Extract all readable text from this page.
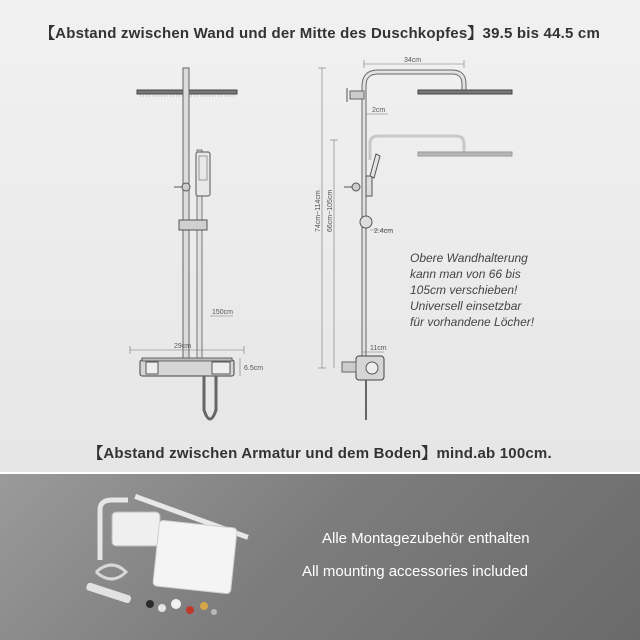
【Abstand zwischen Wand und der Mitte des Duschkopfes】39.5 bis 44.5 cm
29cm
6.5cm
150cm
34cm
2cm
2.4cm
11cm
74cm~114cm 66cm~105cm
【Abstand zwischen Armatur und dem Boden】mind.ab 100cm.
Obere Wandhalterung
kann man von 66 bis
105cm verschieben!
Universell einsetzbar
für vorhandene Löcher!
Alle Montagezubehör enthalten
All mounting accessories included
